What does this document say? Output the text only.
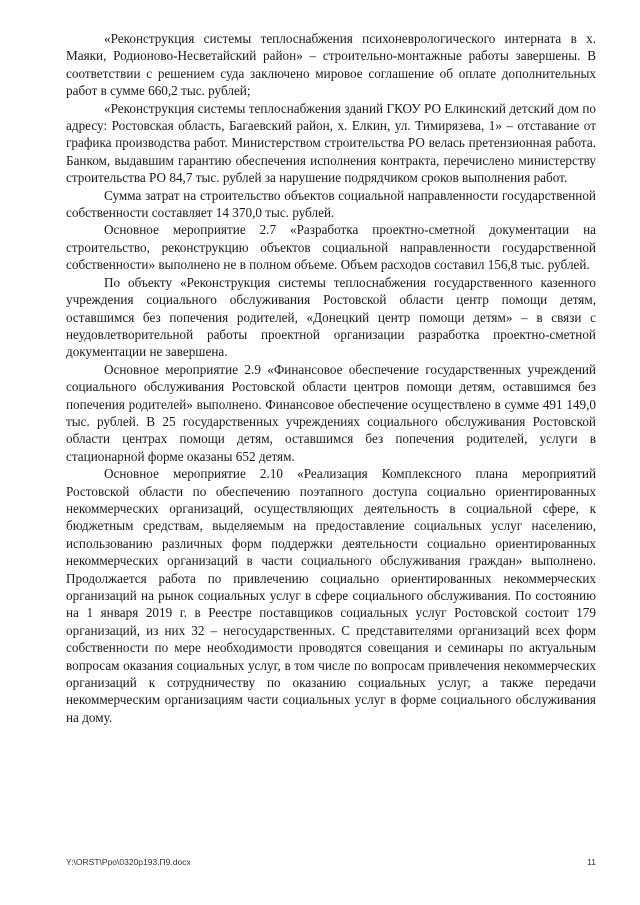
«Реконструкция системы теплоснабжения психоневрологического интерната в х. Маяки, Родионово-Несветайский район» – строительно-монтажные работы завершены. В соответствии с решением суда заключено мировое соглашение об оплате дополнительных работ в сумме 660,2 тыс. рублей;

«Реконструкция системы теплоснабжения зданий ГКОУ РО Елкинский детский дом по адресу: Ростовская область, Багаевский район, х. Елкин, ул. Тимирязева, 1» – отставание от графика производства работ. Министерством строительства РО велась претензионная работа. Банком, выдавшим гарантию обеспечения исполнения контракта, перечислено министерству строительства РО 84,7 тыс. рублей за нарушение подрядчиком сроков выполнения работ.

Сумма затрат на строительство объектов социальной направленности государственной собственности составляет 14 370,0 тыс. рублей.

Основное мероприятие 2.7 «Разработка проектно-сметной документации на строительство, реконструкцию объектов социальной направленности государственной собственности» выполнено не в полном объеме. Объем расходов составил 156,8 тыс. рублей.

По объекту «Реконструкция системы теплоснабжения государственного казенного учреждения социального обслуживания Ростовской области центр помощи детям, оставшимся без попечения родителей, «Донецкий центр помощи детям» – в связи с неудовлетворительной работы проектной организации разработка проектно-сметной документации не завершена.

Основное мероприятие 2.9 «Финансовое обеспечение государственных учреждений социального обслуживания Ростовской области центров помощи детям, оставшимся без попечения родителей» выполнено. Финансовое обеспечение осуществлено в сумме 491 149,0 тыс. рублей. В 25 государственных учреждениях социального обслуживания Ростовской области центрах помощи детям, оставшимся без попечения родителей, услуги в стационарной форме оказаны 652 детям.

Основное мероприятие 2.10 «Реализация Комплексного плана мероприятий Ростовской области по обеспечению поэтапного доступа социально ориентированных некоммерческих организаций, осуществляющих деятельность в социальной сфере, к бюджетным средствам, выделяемым на предоставление социальных услуг населению, использованию различных форм поддержки деятельности социально ориентированных некоммерческих организаций в части социального обслуживания граждан» выполнено. Продолжается работа по привлечению социально ориентированных некоммерческих организаций на рынок социальных услуг в сфере социального обслуживания. По состоянию на 1 января 2019 г. в Реестре поставщиков социальных услуг Ростовской состоит 179 организаций, из них 32 – негосударственных. С представителями организаций всех форм собственности по мере необходимости проводятся совещания и семинары по актуальным вопросам оказания социальных услуг, в том числе по вопросам привлечения некоммерческих организаций к сотрудничеству по оказанию социальных услуг, а также передачи некоммерческим организациям части социальных услуг в форме социального обслуживания на дому.

Y:\ORST\Ppo\0320p193.П9.docx	11
